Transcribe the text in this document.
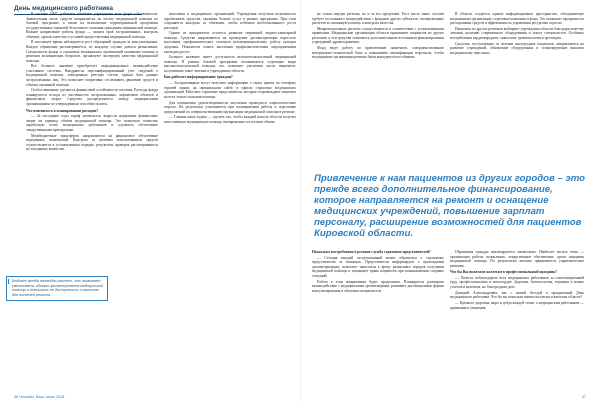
День медицинского работника

В системе ОМС работают лечебные учреждения всех форм собственности. Значительная часть средств направляется на оплату медицинской помощи по базовой программе, а также на выполнение территориальной программы государственных гарантий бесплатного оказания гражданам медицинской помощи. Важное направление работы фонда — защита прав застрахованных, контроль объемов, сроков, качества и условий предоставления медицинской помощи.

В настоящее время наблюдается рост обращений граждан за консультациями. Каждое обращение рассматривается, по каждому случаю даются разъяснения. Специалисты фонда и страховых медицинских организаций оказывают помощь в решении возникающих вопросов, организуют экспертизу качества медицинской помощи.

Все большее значение приобретает информационное взаимодействие участников системы. Внедряются персонифицированный учет сведений о медицинской помощи, электронные реестры счетов, единая база данных застрахованных лиц. Это позволяет оперативно отслеживать движение средств и объемы оказанной помощи.

Особое внимание уделяется финансовой устойчивости системы. Расходы фонда планируются исходя из численности застрахованных, нормативов объемов и финансовых затрат. Средства распределяются между медицинскими организациями по утвержденным способам оплаты.

Что изменилось в планировании расходов?

— За последние годы тариф увеличился, выросли нормативы финансовых затрат на единицу объема медицинской помощи. Это позволило повысить заработную плату медицинских работников и улучшить обеспечение лекарственными препаратами.

Межбюджетные трансферты направляются на финансовое обеспечение переданных полномочий. Контроль за целевым использованием средств осуществляется в установленном порядке, результаты проверок рассматриваются на заседаниях комиссии.

населения и медицинских организаций. Учреждения получили возможность зарабатывать средства, оказывая больше услуг в рамках программы. При этом сохраняется контроль за объемами, чтобы избежать необоснованного роста расходов.

Одним из приоритетов остается развитие первичной медико-санитарной помощи. Средства направляются на проведение диспансеризации взрослого населения, профилактических осмотров несовершеннолетних, работу центров здоровья. Показатели охвата населения профилактическими мероприятиями ежегодно растут.

Большое значение имеет доступность высокотехнологичной медицинской помощи. В рамках базовой программы оплачиваются отдельные виды высокотехнологичной помощи, что позволяет увеличить число пациентов, получивших такое лечение в учреждениях области.

Как работает информирование граждан?

— Застрахованные могут получить информацию о своих правах по телефону горячей линии, на официальном сайте, в офисах страховых медицинских организаций. Работают страховые представители, которые сопровождают пациента на всех этапах оказания помощи.

Для повышения удовлетворенности населения проводятся социологические опросы. Их результаты учитываются при планировании работы и подготовке предложений по совершенствованию организации медицинской помощи в регионе.

— Главная наша задача — сделать так, чтобы каждый житель области получал качественную медицинскую помощь своевременно и в полном объеме.

не только внутри региона, но и за его пределами. Рост числа таких случаев требует постоянного взаимодействия с фондами других субъектов, своевременных расчетов за оказанную помощь и контроля качества.

Межрегиональные расчеты осуществляются в соответствии с установленными правилами. Медицинские организации области принимают пациентов из других регионов, и эти средства становятся дополнительным источником финансирования учреждений здравоохранения.

Фонд ведет работу по привлечению пациентов, совершенствованию материально-технической базы и повышению квалификации персонала, чтобы медицинские организации региона были конкурентоспособными.

Насколько востребована в регионе служба страховых представителей?

— Сегодня каждый застрахованный может обратиться к страховому представителю за помощью. Представители информируют о прохождении диспансеризации, помогают записаться к врачу, разъясняют порядок получения медицинской помощи и защищают права пациентов при возникновении спорных ситуаций.

Работа в этом направлении будет продолжена. Планируется расширять взаимодействие с медицинскими организациями, развивать дистанционные формы консультирования и обучения специалистов.

В области создается единое информационное пространство, объединяющее медицинские организации, страховые компании и фонд. Это повышает прозрачность расходования средств и эффективность управления ресурсами отрасли.

Пациенты из других регионов выбирают учреждения области благодаря качеству лечения, наличию современного оборудования и опыту специалистов. Особенно востребованы кардиохирургия, онкология, травматология и ортопедия.

Средства, поступающие за лечение иногородних пациентов, направляются на развитие учреждений, обновление оборудования и стимулирующие выплаты медицинскому персоналу.

Обращения граждан анализируются ежемесячно. Наиболее частые темы — организация работы поликлиник, лекарственное обеспечение, сроки ожидания медицинской помощи. По результатам анализа принимаются управленческие решения.

Что бы Вы пожелали коллегам в профессиональный праздник?

— Хочется поблагодарить всех медицинских работников за самоотверженный труд, профессионализм и милосердие. Здоровья, благополучия, терпения и новых успехов в нелегком, но благородном деле.

Дмитрий Александрович, вас с нашей беседой в праздничный День медицинского работника. Что бы вы пожелали вашим коллегам и жителям области?

— Крепкого здоровья, мира и добра каждой семье, а медицинским работникам — признания и уважения.

Привлечение к нам пациентов из других городов – это прежде всего дополнительное финансирование, которое направляется на ремонт и оснащение медицинских учреждений, повышение зарплат персоналу, расширение возможностей для пациентов Кировской области.
Бюджет фонда ежегодно растет, что позволяет увеличивать объемы финансирования медицинской помощи и повышать ее доступность и качество для жителей региона.
46 Человек. Ваш. июнь 2018	47
